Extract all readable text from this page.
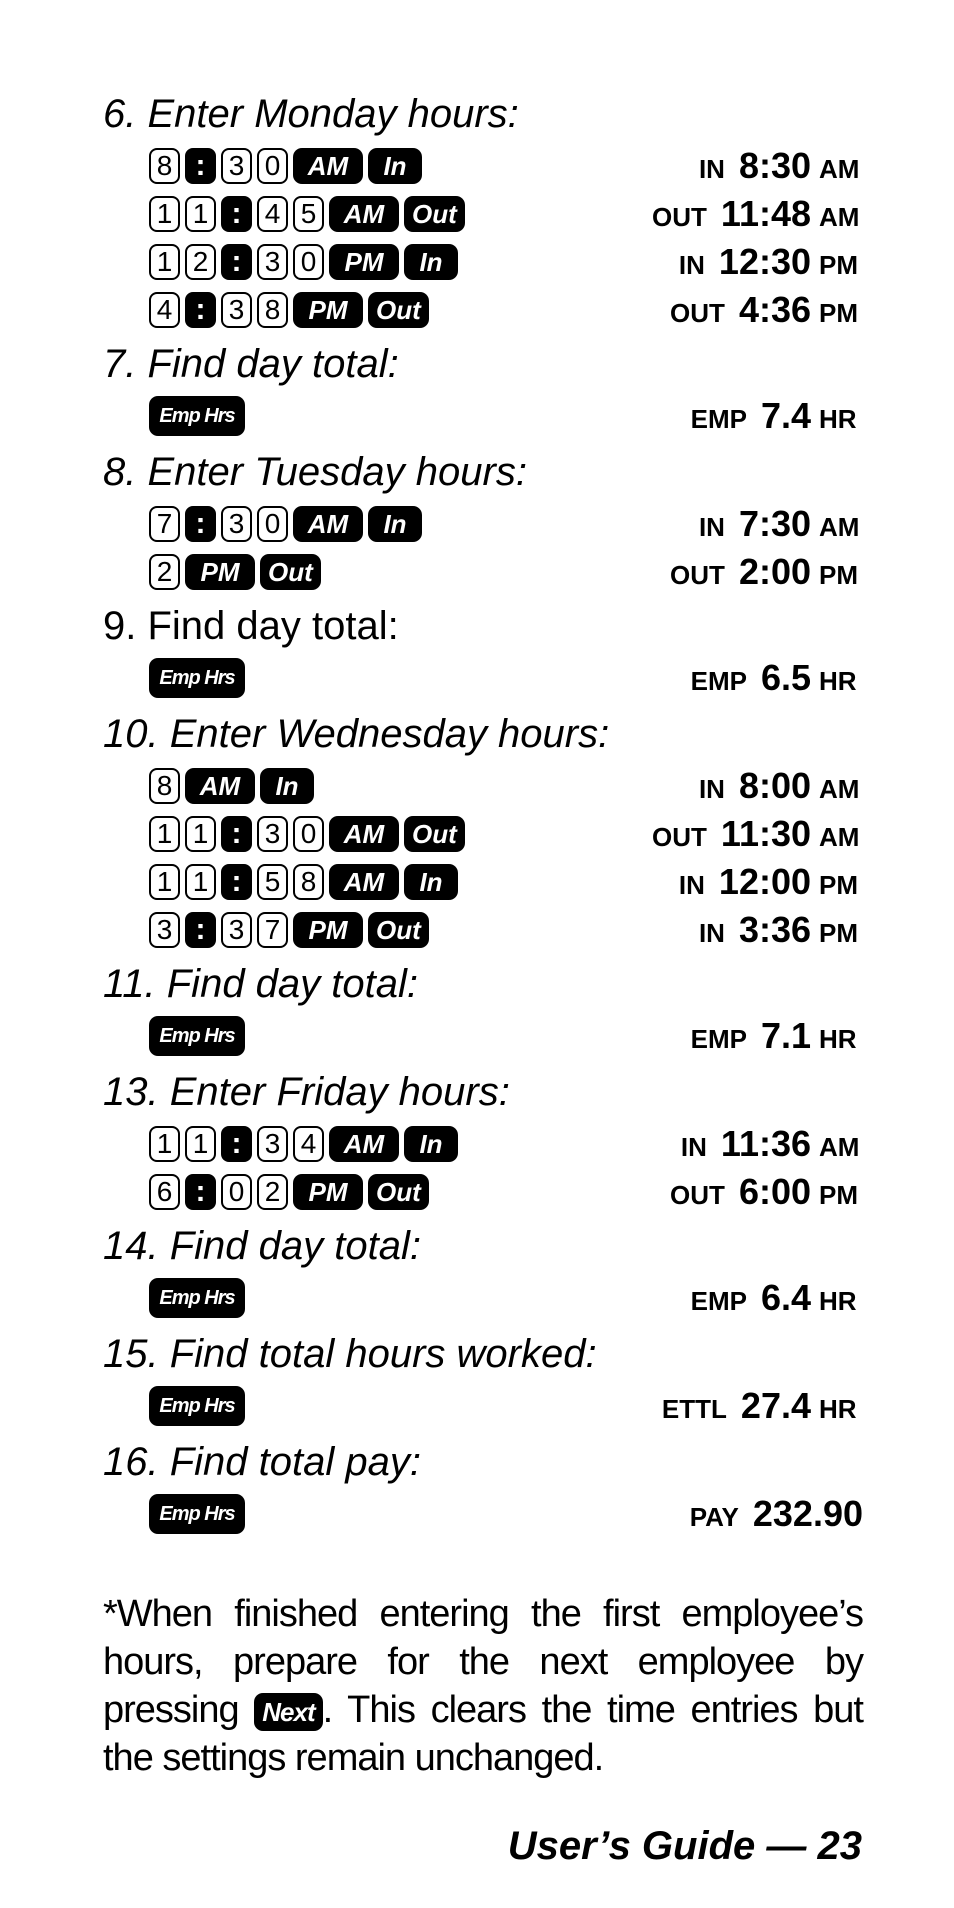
6. Enter Monday hours:
8 : 3 0	AM	In	IN 8:30 AM
1 1 : 4 5	AM	Out	OUT 11:48 AM
1 2 : 3 0	PM	In	IN 12:30 PM
4 : 3 8	PM	Out	OUT 4:36 PM
7. Find day total:
Emp Hrs	EMP 7.4 HR
8. Enter Tuesday hours:
7 : 3 0	AM	In	IN 7:30 AM
2	PM	Out	OUT 2:00 PM
9. Find day total:
Emp Hrs	EMP 6.5 HR
10. Enter Wednesday hours:
8	AM	In	IN 8:00 AM
1 1 : 3 0	AM	Out	OUT 11:30 AM
1 1 : 5 8	AM	In	IN 12:00 PM
3 : 3 7	PM	Out	IN 3:36 PM
11. Find day total:
Emp Hrs	EMP 7.1 HR
13. Enter Friday hours:
1 1 : 3 4	AM	In	IN 11:36 AM
6 : 0 2	PM	Out	OUT 6:00 PM
14. Find day total:
Emp Hrs	EMP 6.4 HR
15. Find total hours worked:
Emp Hrs	ETTL 27.4 HR
16. Find total pay:
Emp Hrs	PAY 232.90

*When finished entering the first employee’s hours, prepare for the next employee by pressing Next . This clears the time entries but the settings remain unchanged.

User’s Guide — 23
